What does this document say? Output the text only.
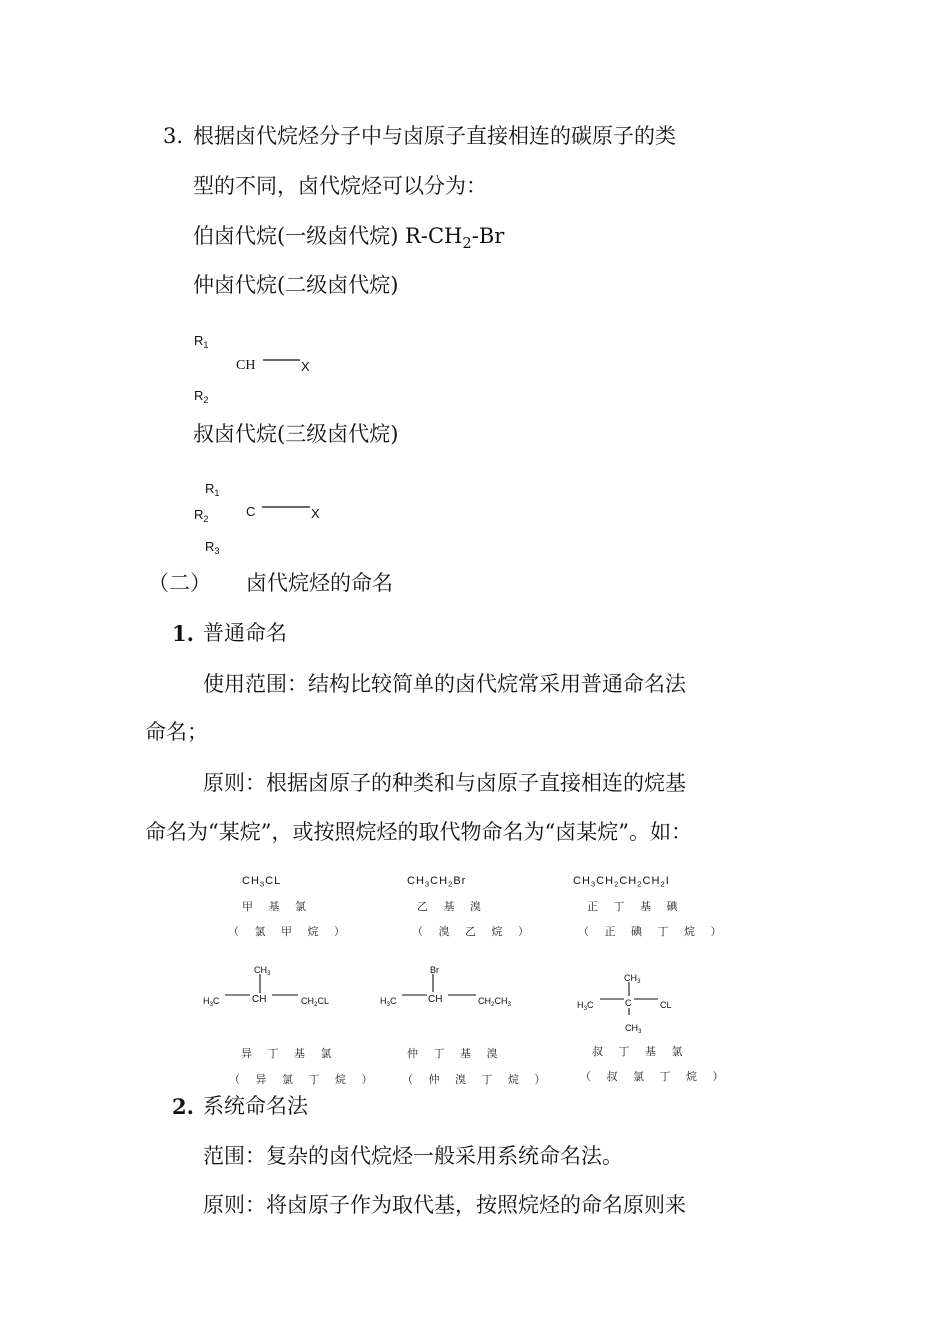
3. 根据卤代烷烃分子中与卤原子直接相连的碳原子的类
型的不同，卤代烷烃可以分为：
伯卤代烷(一级卤代烷) $R-CH_2-Br$
仲卤代烷(二级卤代烷)
$R_1$
CH	X
$R_2$
叔卤代烷(三级卤代烷)
$R_1$
$R_2$
C	X
$R_3$
（二） 卤代烷烃的命名
1. 普通命名
使用范围：结构比较简单的卤代烷常采用普通命名法
命名；
原则：根据卤原子的种类和与卤原子直接相连的烷基
命名为“某烷”，或按照烷烃的取代物命名为“卤某烷”。如：
$CH_3CL$
甲 基 氯
（ 氯 甲 烷 ）
$CH_3CH_2Br$
乙 基 溴
（ 溴 乙 烷 ）
$CH_3CH_2CH_2CH_2I$
正 丁 基 碘
（ 正 碘 丁 烷 ）
$CH_3$
$H_3C$	CH	$CH_2CL$
异 丁 基 氯
（ 异 氯 丁 烷 ）
Br
$H_3C$	CH	$CH_2CH_3$
仲 丁 基 溴
（ 仲 溴 丁 烷 ）
$CH_3$
$H_3C$	C	CL
$CH_3$
叔 丁 基 氯
（ 叔 氯 丁 烷 ）
2. 系统命名法
范围：复杂的卤代烷烃一般采用系统命名法。
原则：将卤原子作为取代基，按照烷烃的命名原则来
